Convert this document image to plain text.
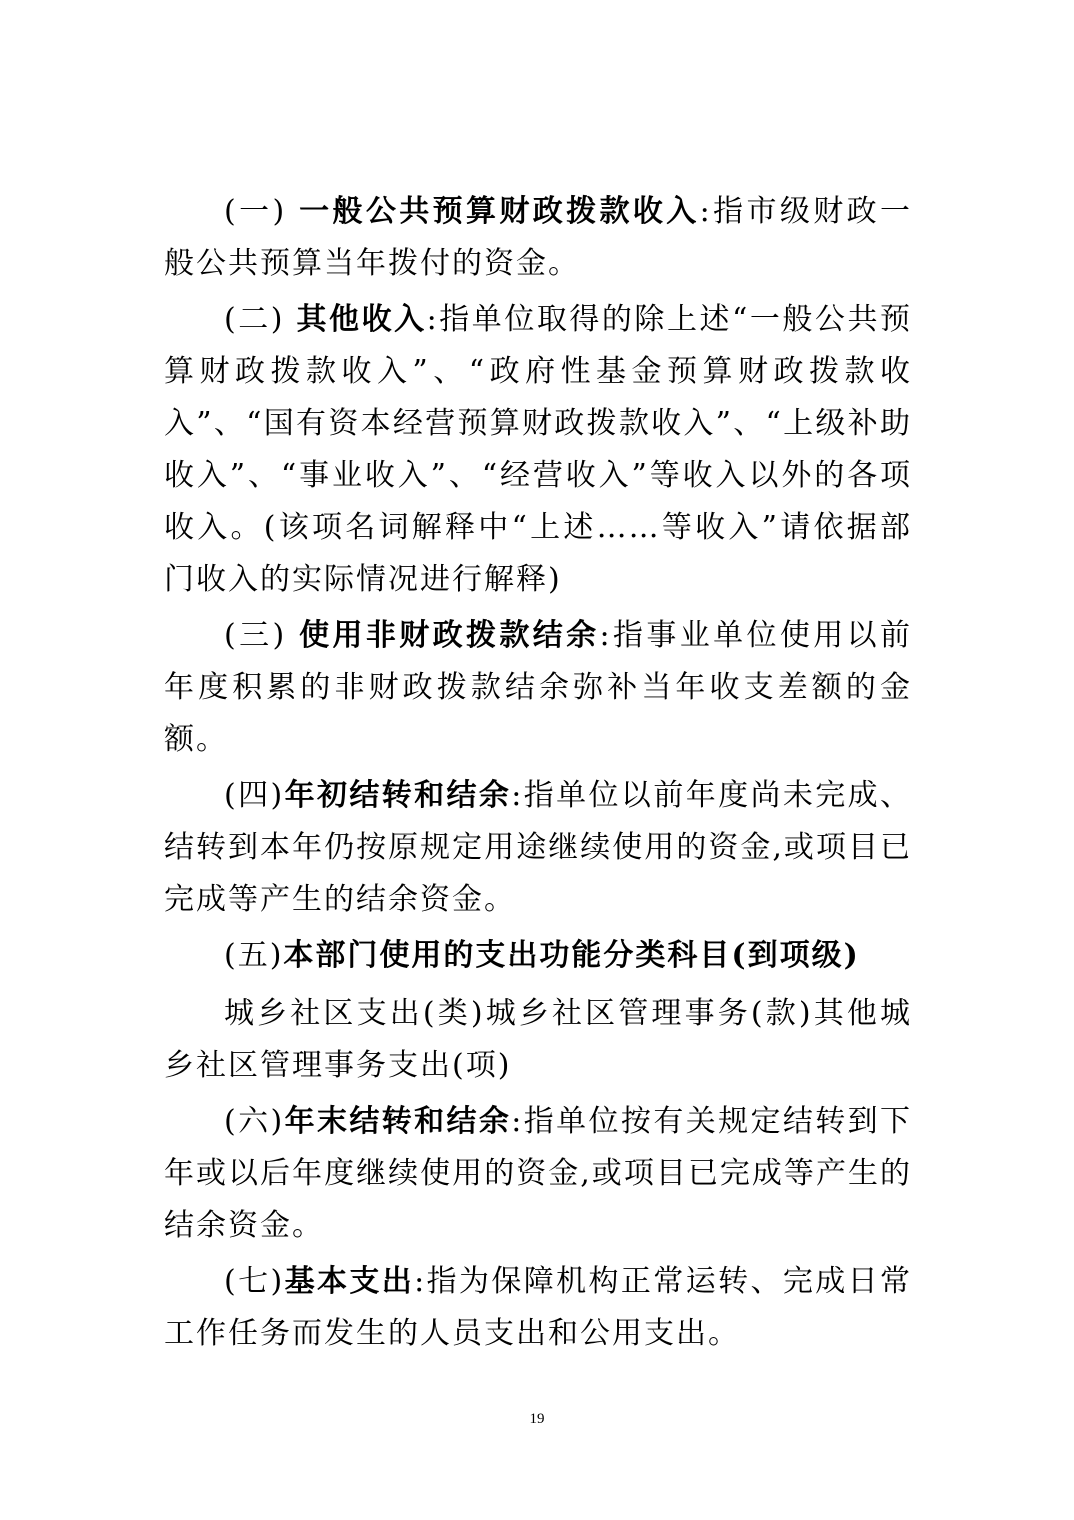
(一) 一般公共预算财政拨款收入:指市级财政一般公共预算当年拨付的资金。

(二) 其他收入:指单位取得的除上述“一般公共预算财政拨款收入”、“政府性基金预算财政拨款收入”、“国有资本经营预算财政拨款收入”、“上级补助收入”、“事业收入”、“经营收入”等收入以外的各项收入。(该项名词解释中“上述……等收入”请依据部门收入的实际情况进行解释)

(三) 使用非财政拨款结余:指事业单位使用以前年度积累的非财政拨款结余弥补当年收支差额的金额。

(四)年初结转和结余:指单位以前年度尚未完成、结转到本年仍按原规定用途继续使用的资金,或项目已完成等产生的结余资金。

(五)本部门使用的支出功能分类科目(到项级)

城乡社区支出(类)城乡社区管理事务(款)其他城乡社区管理事务支出(项)

(六)年末结转和结余:指单位按有关规定结转到下年或以后年度继续使用的资金,或项目已完成等产生的结余资金。

(七)基本支出:指为保障机构正常运转、完成日常工作任务而发生的人员支出和公用支出。

19
